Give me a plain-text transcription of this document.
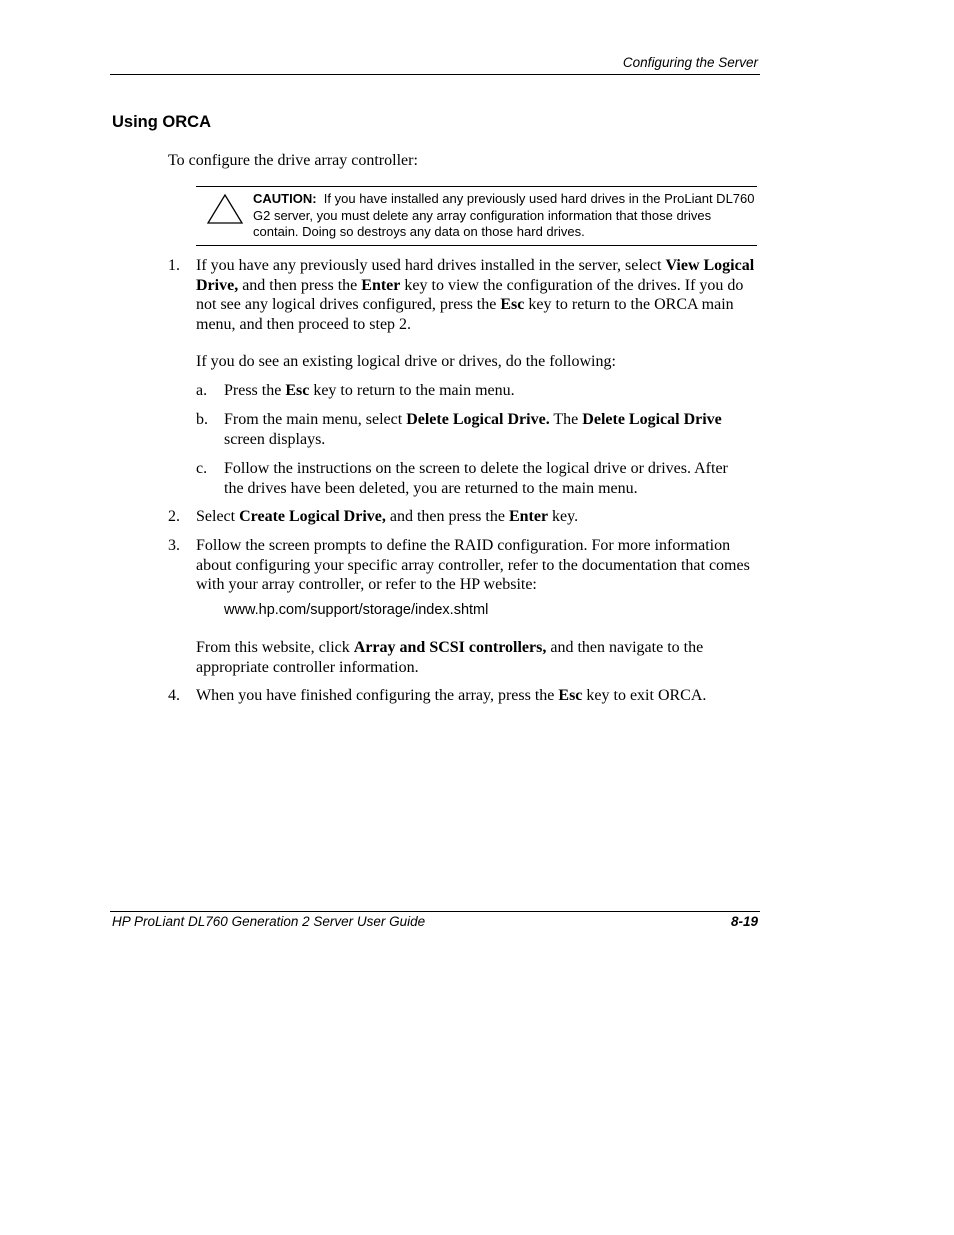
Configuring the Server
Using ORCA
To configure the drive array controller:
CAUTION: If you have installed any previously used hard drives in the ProLiant DL760 G2 server, you must delete any array configuration information that those drives contain. Doing so destroys any data on those hard drives.
1. If you have any previously used hard drives installed in the server, select View Logical Drive, and then press the Enter key to view the configuration of the drives. If you do not see any logical drives configured, press the Esc key to return to the ORCA main menu, and then proceed to step 2.
If you do see an existing logical drive or drives, do the following:
a. Press the Esc key to return to the main menu.
b. From the main menu, select Delete Logical Drive. The Delete Logical Drive screen displays.
c. Follow the instructions on the screen to delete the logical drive or drives. After the drives have been deleted, you are returned to the main menu.
2. Select Create Logical Drive, and then press the Enter key.
3. Follow the screen prompts to define the RAID configuration. For more information about configuring your specific array controller, refer to the documentation that comes with your array controller, or refer to the HP website:
www.hp.com/support/storage/index.shtml
From this website, click Array and SCSI controllers, and then navigate to the appropriate controller information.
4. When you have finished configuring the array, press the Esc key to exit ORCA.
HP ProLiant DL760 Generation 2 Server User Guide	8-19
